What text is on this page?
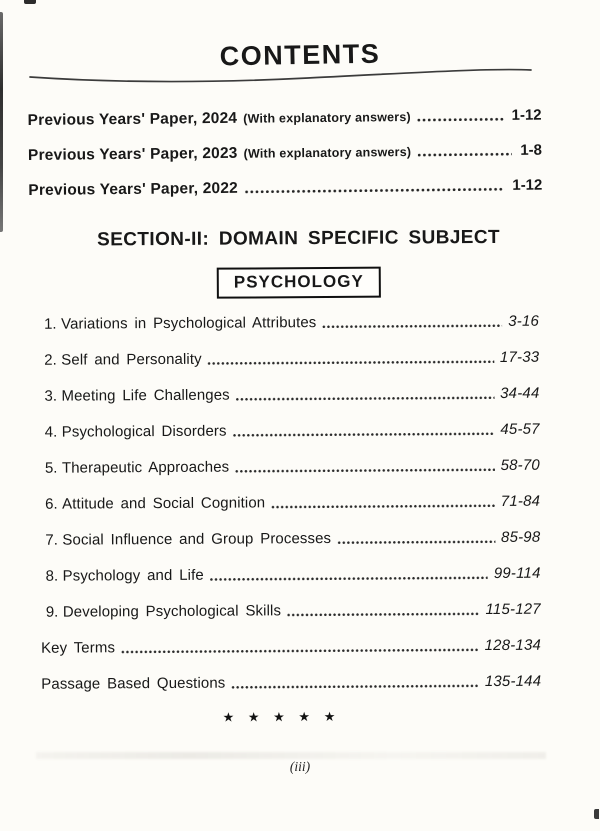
CONTENTS
Previous Years' Paper, 2024 (With explanatory answers)	1-12
Previous Years' Paper, 2023 (With explanatory answers)	1-8
Previous Years' Paper, 2022	1-12
SECTION-II: DOMAIN SPECIFIC SUBJECT
PSYCHOLOGY
1. Variations in Psychological Attributes	3-16
2. Self and Personality	17-33
3. Meeting Life Challenges	34-44
4. Psychological Disorders	45-57
5. Therapeutic Approaches	58-70
6. Attitude and Social Cognition	71-84
7. Social Influence and Group Processes	85-98
8. Psychology and Life	99-114
9. Developing Psychological Skills	115-127
Key Terms	128-134
Passage Based Questions	135-144
★ ★ ★ ★ ★
(iii)
